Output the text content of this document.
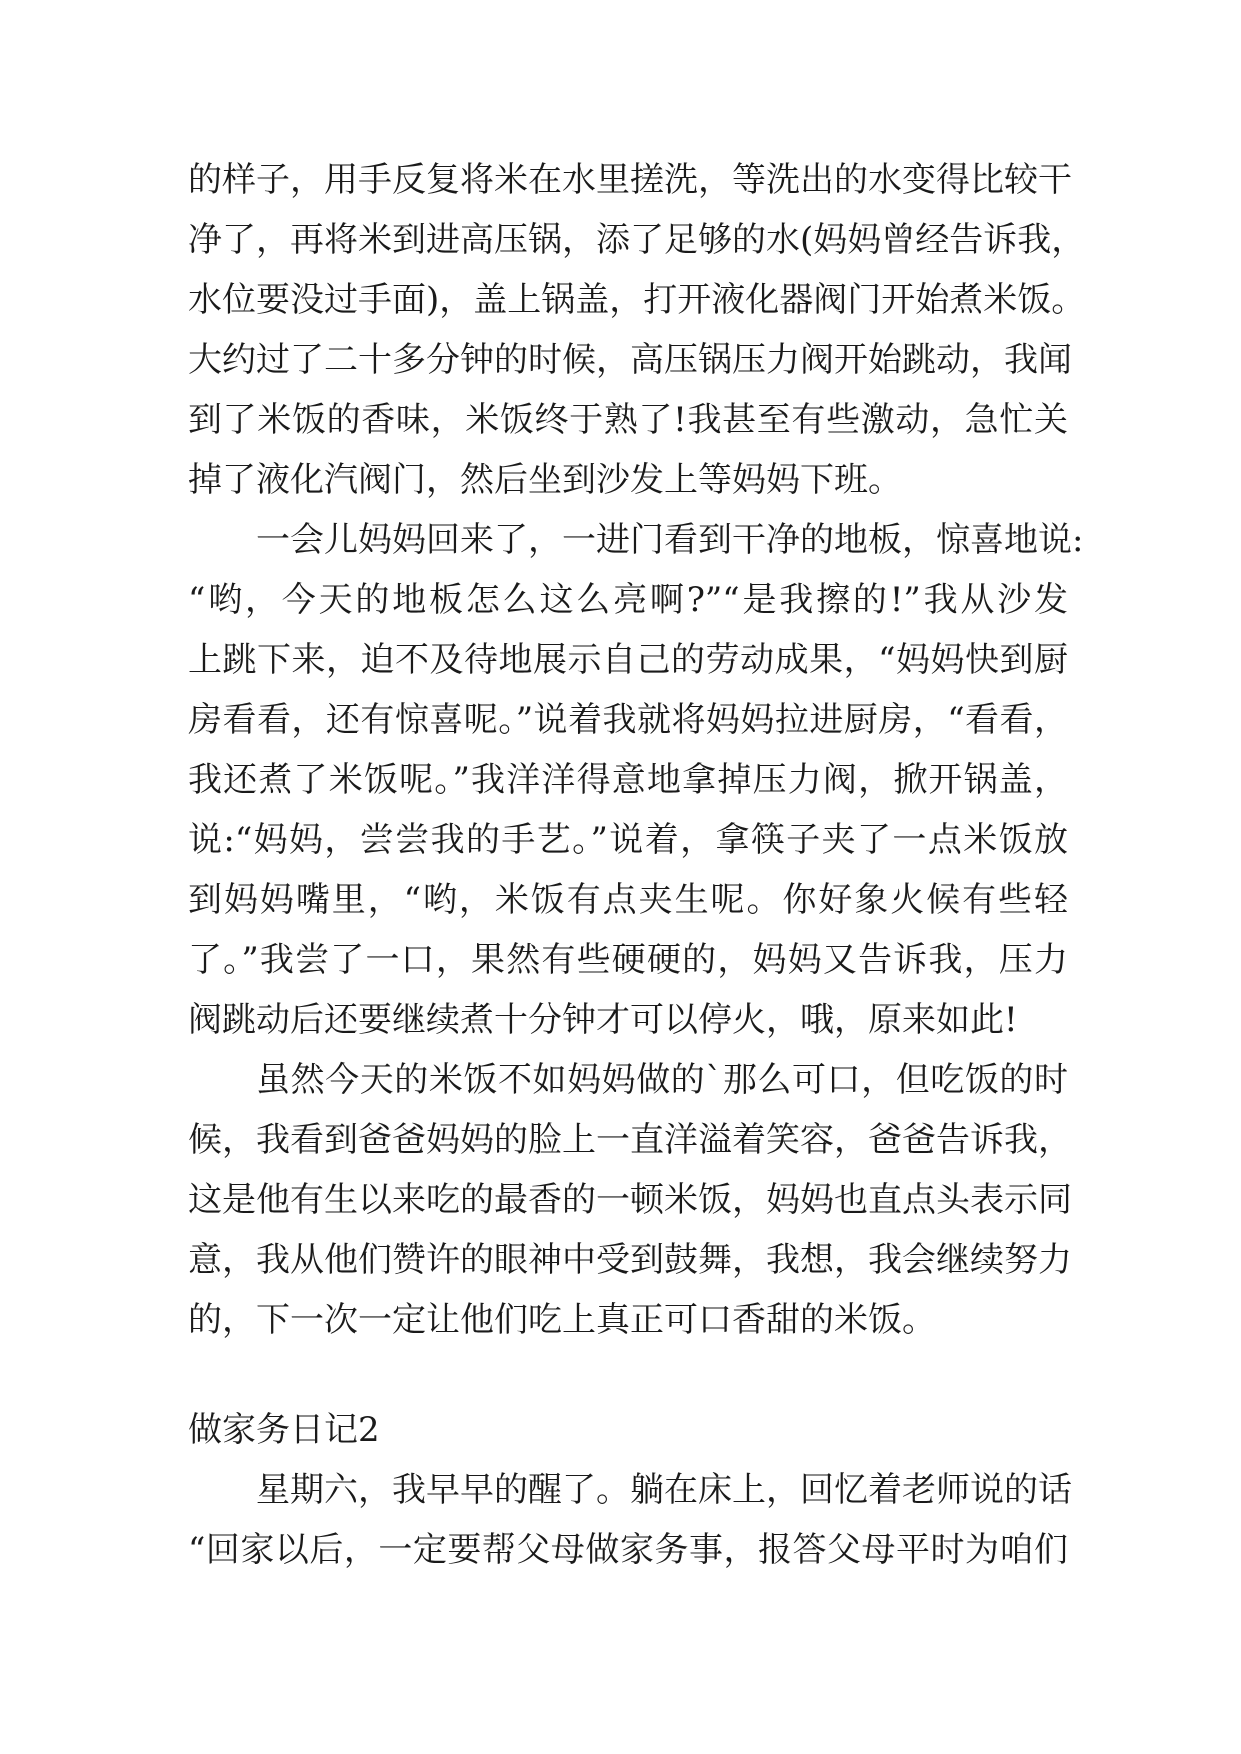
的样子，用手反复将米在水里搓洗，等洗出的水变得比较干
净了，再将米到进高压锅，添了足够的水(妈妈曾经告诉我，
水位要没过手面)，盖上锅盖，打开液化器阀门开始煮米饭。
大约过了二十多分钟的时候，高压锅压力阀开始跳动，我闻
到了米饭的香味，米饭终于熟了!我甚至有些激动，急忙关
掉了液化汽阀门，然后坐到沙发上等妈妈下班。
一会儿妈妈回来了，一进门看到干净的地板，惊喜地说:
“哟，今天的地板怎么这么亮啊?”“是我擦的!”我从沙发
上跳下来，迫不及待地展示自己的劳动成果，“妈妈快到厨
房看看，还有惊喜呢。”说着我就将妈妈拉进厨房，“看看，
我还煮了米饭呢。”我洋洋得意地拿掉压力阀，掀开锅盖，
说:“妈妈，尝尝我的手艺。”说着，拿筷子夹了一点米饭放
到妈妈嘴里，“哟，米饭有点夹生呢。你好象火候有些轻
了。”我尝了一口，果然有些硬硬的，妈妈又告诉我，压力
阀跳动后还要继续煮十分钟才可以停火，哦，原来如此!
虽然今天的米饭不如妈妈做的`那么可口，但吃饭的时
候，我看到爸爸妈妈的脸上一直洋溢着笑容，爸爸告诉我，
这是他有生以来吃的最香的一顿米饭，妈妈也直点头表示同
意，我从他们赞许的眼神中受到鼓舞，我想，我会继续努力
的，下一次一定让他们吃上真正可口香甜的米饭。
做家务日记2
星期六，我早早的醒了。躺在床上，回忆着老师说的话
“回家以后，一定要帮父母做家务事，报答父母平时为咱们
